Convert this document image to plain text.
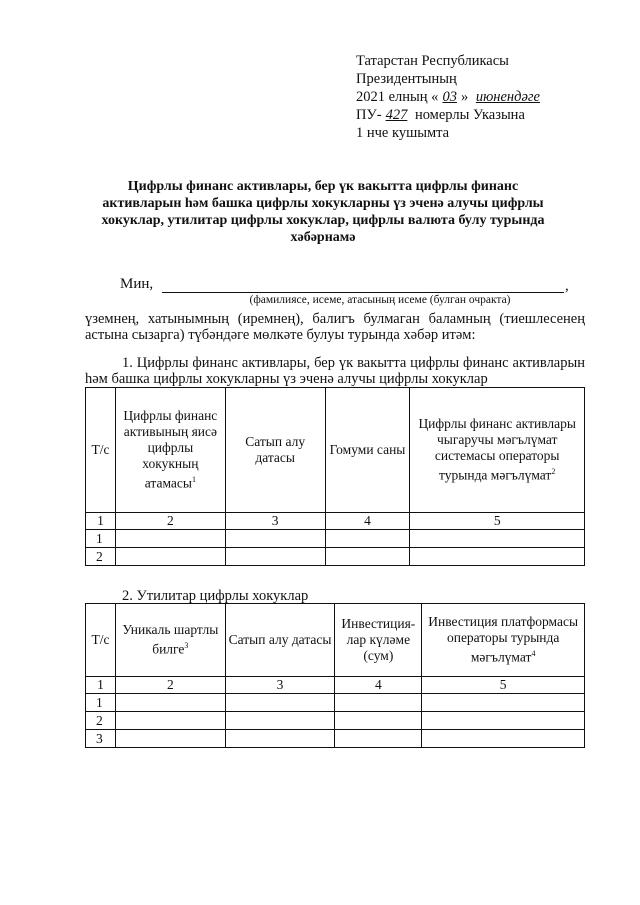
Татарстан Республикасы
Президентының
2021 елның « 03 » июнендәге
ПУ- 427 номерлы Указына
1 нче кушымта
Цифрлы финанс активлары, бер үк вакытта цифрлы финанс активларын һәм башка цифрлы хокукларны үз эченә алучы цифрлы хокуклар, утилитар цифрлы хокуклар, цифрлы валюта булу турында хәбәрнамә
Мин,	,
(фамилиясе, исеме, атасының исеме (булган очракта)
үземнең, хатынымның (иремнең), балигъ булмаган баламның (тиешлесенең астына сызарга) түбәндәге мөлкәте булуы турында хәбәр итәм:
1. Цифрлы финанс активлары, бер үк вакытта цифрлы финанс активларын һәм башка цифрлы хокукларны үз эченә алучы цифрлы хокуклар
Т/с	Цифрлы финанс активының яисә цифрлы хокукның атамасы$^1$	Сатып алу датасы	Гомуми саны	Цифрлы финанс активлары чыгаручы мәгълүмат системасы операторы турында мәгълүмат$^2$
1	2	3	4	5
1				
2				
2. Утилитар цифрлы хокуклар
Т/с	Уникаль шартлы билге$^3$	Сатып алу датасы	Инвестиция-лар күләме (сум)	Инвестиция платформасы операторы турында мәгълүмат$^4$
1	2	3	4	5
1				
2				
3				
